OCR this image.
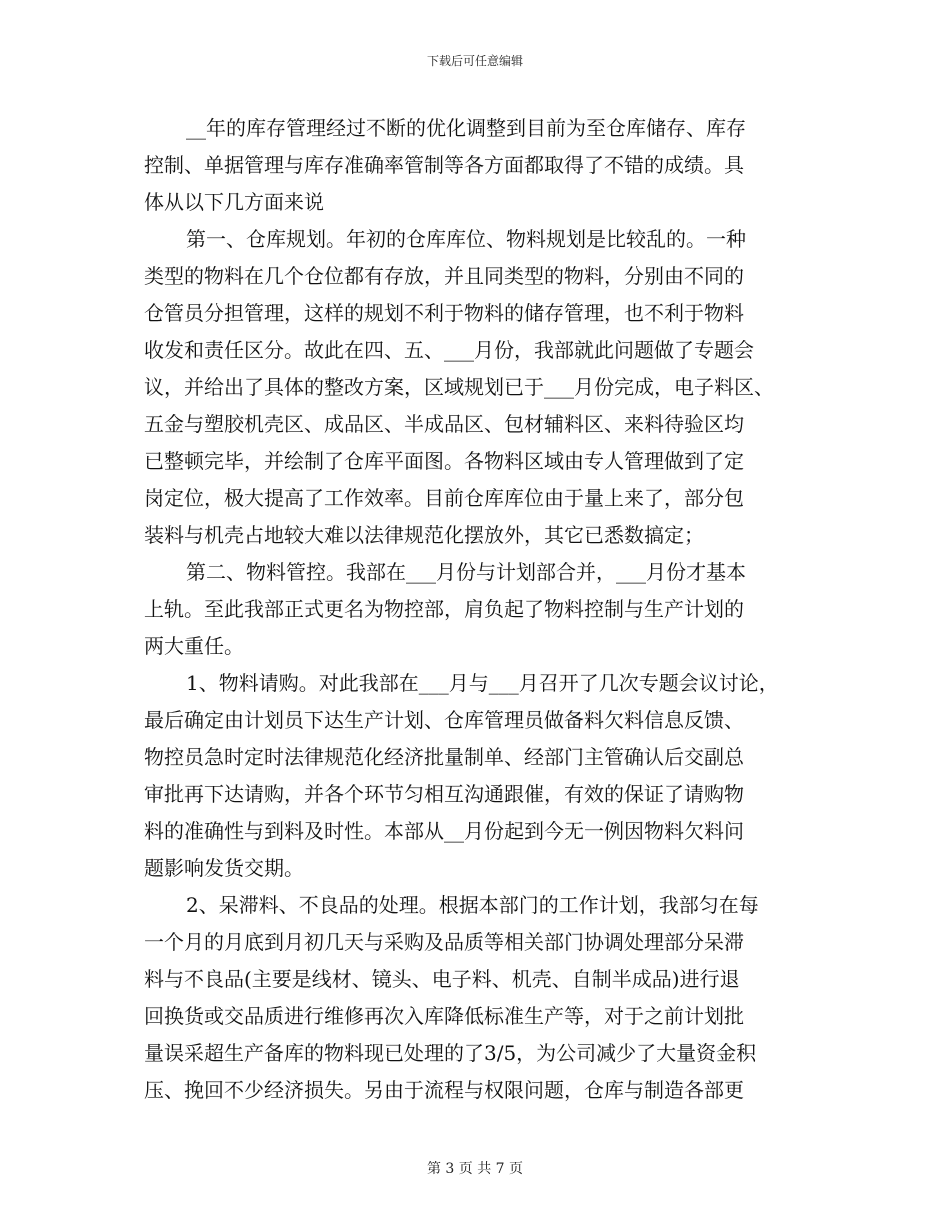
下载后可任意编辑
__年的库存管理经过不断的优化调整到目前为至仓库储存、库存
控制、单据管理与库存准确率管制等各方面都取得了不错的成绩。具
体从以下几方面来说
第一、仓库规划。年初的仓库库位、物料规划是比较乱的。一种
类型的物料在几个仓位都有存放，并且同类型的物料，分别由不同的
仓管员分担管理，这样的规划不利于物料的储存管理，也不利于物料
收发和责任区分。故此在四、五、___月份，我部就此问题做了专题会
议，并给出了具体的整改方案，区域规划已于___月份完成，电子料区、
五金与塑胶机壳区、成品区、半成品区、包材辅料区、来料待验区均
已整顿完毕，并绘制了仓库平面图。各物料区域由专人管理做到了定
岗定位，极大提高了工作效率。目前仓库库位由于量上来了，部分包
装料与机壳占地较大难以法律规范化摆放外，其它已悉数搞定；
第二、物料管控。我部在___月份与计划部合并，___月份才基本
上轨。至此我部正式更名为物控部，肩负起了物料控制与生产计划的
两大重任。
1、物料请购。对此我部在___月与___月召开了几次专题会议讨论，
最后确定由计划员下达生产计划、仓库管理员做备料欠料信息反馈、
物控员急时定时法律规范化经济批量制单、经部门主管确认后交副总
审批再下达请购，并各个环节匀相互沟通跟催，有效的保证了请购物
料的准确性与到料及时性。本部从__月份起到今无一例因物料欠料问
题影响发货交期。
2、呆滞料、不良品的处理。根据本部门的工作计划，我部匀在每
一个月的月底到月初几天与采购及品质等相关部门协调处理部分呆滞
料与不良品(主要是线材、镜头、电子料、机壳、自制半成品)进行退
回换货或交品质进行维修再次入库降低标准生产等，对于之前计划批
量误采超生产备库的物料现已处理的了3/5，为公司减少了大量资金积
压、挽回不少经济损失。另由于流程与权限问题，仓库与制造各部更
第 3 页 共 7 页
